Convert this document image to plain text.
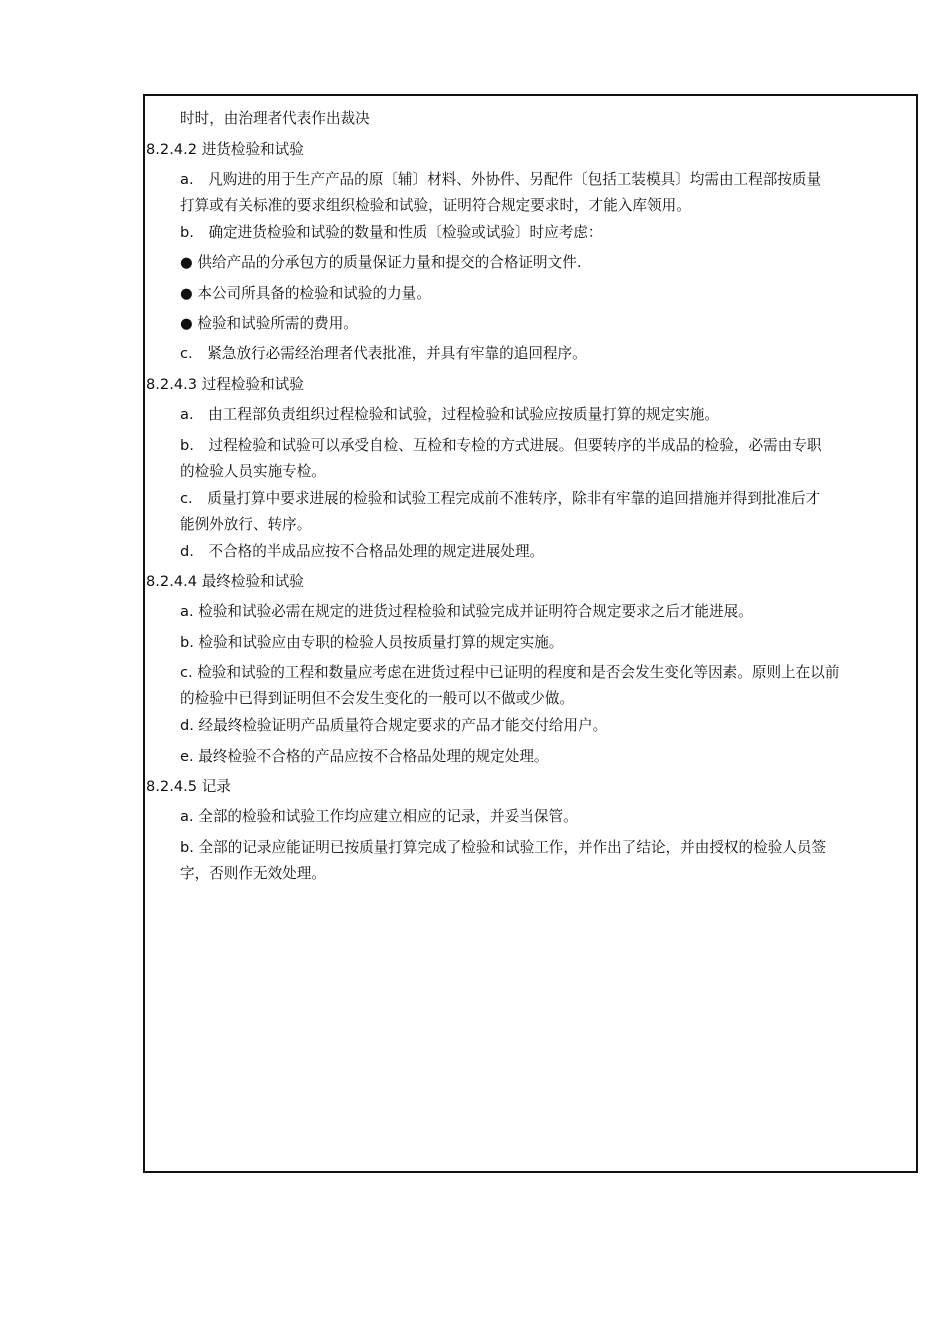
时时，由治理者代表作出裁决
8.2.4.2 进货检验和试验
a.　凡购进的用于生产产品的原〔辅〕材料、外协件、另配件〔包括工装模具〕均需由工程部按质量
打算或有关标准的要求组织检验和试验，证明符合规定要求时，才能入库领用。
b.　确定进货检验和试验的数量和性质〔检验或试验〕时应考虑：
● 供给产品的分承包方的质量保证力量和提交的合格证明文件.
● 本公司所具备的检验和试验的力量。
● 检验和试验所需的费用。
c.　紧急放行必需经治理者代表批准，并具有牢靠的追回程序。
8.2.4.3 过程检验和试验
a.　由工程部负责组织过程检验和试验，过程检验和试验应按质量打算的规定实施。
b.　过程检验和试验可以承受自检、互检和专检的方式进展。但要转序的半成品的检验，必需由专职
的检验人员实施专检。
c.　质量打算中要求进展的检验和试验工程完成前不准转序，除非有牢靠的追回措施并得到批准后才
能例外放行、转序。
d.　不合格的半成品应按不合格品处理的规定进展处理。
8.2.4.4 最终检验和试验
a. 检验和试验必需在规定的进货过程检验和试验完成并证明符合规定要求之后才能进展。
b. 检验和试验应由专职的检验人员按质量打算的规定实施。
c. 检验和试验的工程和数量应考虑在进货过程中已证明的程度和是否会发生变化等因素。原则上在以前
的检验中已得到证明但不会发生变化的一般可以不做或少做。
d. 经最终检验证明产品质量符合规定要求的产品才能交付给用户。
e. 最终检验不合格的产品应按不合格品处理的规定处理。
8.2.4.5 记录
a. 全部的检验和试验工作均应建立相应的记录，并妥当保管。
b. 全部的记录应能证明已按质量打算完成了检验和试验工作，并作出了结论，并由授权的检验人员签
字，否则作无效处理。
